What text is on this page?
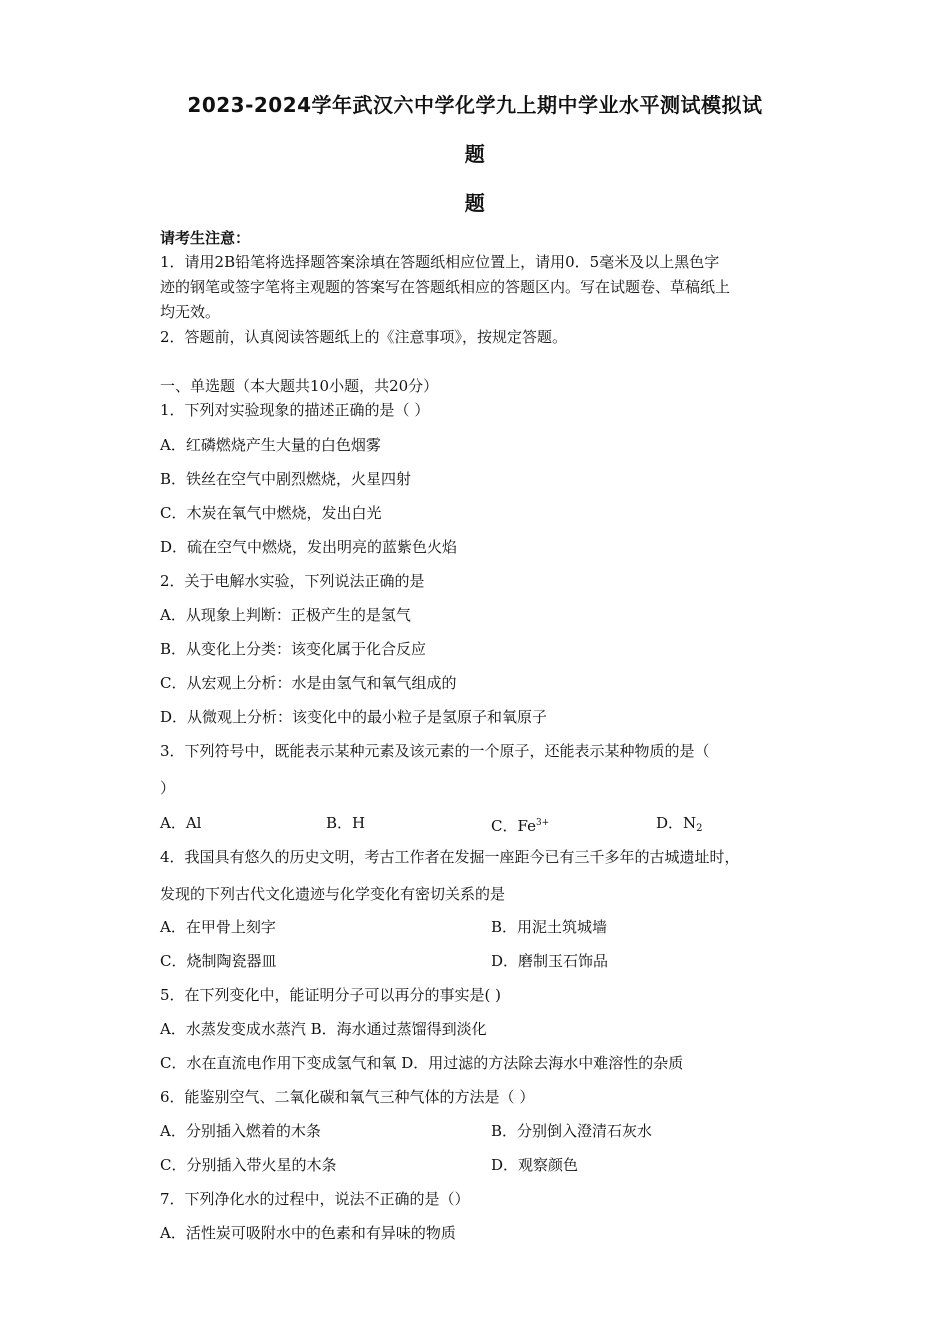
2023-2024学年武汉六中学化学九上期中学业水平测试模拟试
题
题
请考生注意：
1．请用2B铅笔将选择题答案涂填在答题纸相应位置上，请用0．5毫米及以上黑色字
迹的钢笔或签字笔将主观题的答案写在答题纸相应的答题区内。写在试题卷、草稿纸上
均无效。
2．答题前，认真阅读答题纸上的《注意事项》，按规定答题。
一、单选题（本大题共10小题，共20分）
1．下列对实验现象的描述正确的是（ ）
A．红磷燃烧产生大量的白色烟雾
B．铁丝在空气中剧烈燃烧，火星四射
C．木炭在氧气中燃烧，发出白光
D．硫在空气中燃烧，发出明亮的蓝紫色火焰
2．关于电解水实验，下列说法正确的是
A．从现象上判断：正极产生的是氢气
B．从变化上分类：该变化属于化合反应
C．从宏观上分析：水是由氢气和氧气组成的
D．从微观上分析：该变化中的最小粒子是氢原子和氧原子
3．下列符号中，既能表示某种元素及该元素的一个原子，还能表示某种物质的是（
）
A．Al	B．H	C．$Fe^{3+}$	D．$N_2$
4．我国具有悠久的历史文明，考古工作者在发掘一座距今已有三千多年的古城遗址时，
发现的下列古代文化遗迹与化学变化有密切关系的是
A．在甲骨上刻字	B．用泥土筑城墙
C．烧制陶瓷器皿	D．磨制玉石饰品
5．在下列变化中，能证明分子可以再分的事实是( )
A．水蒸发变成水蒸汽 B．海水通过蒸馏得到淡化
C．水在直流电作用下变成氢气和氧 D．用过滤的方法除去海水中难溶性的杂质
6．能鉴别空气、二氧化碳和氧气三种气体的方法是（ ）
A．分别插入燃着的木条	B．分别倒入澄清石灰水
C．分别插入带火星的木条	D．观察颜色
7．下列净化水的过程中，说法不正确的是（）
A．活性炭可吸附水中的色素和有异味的物质
